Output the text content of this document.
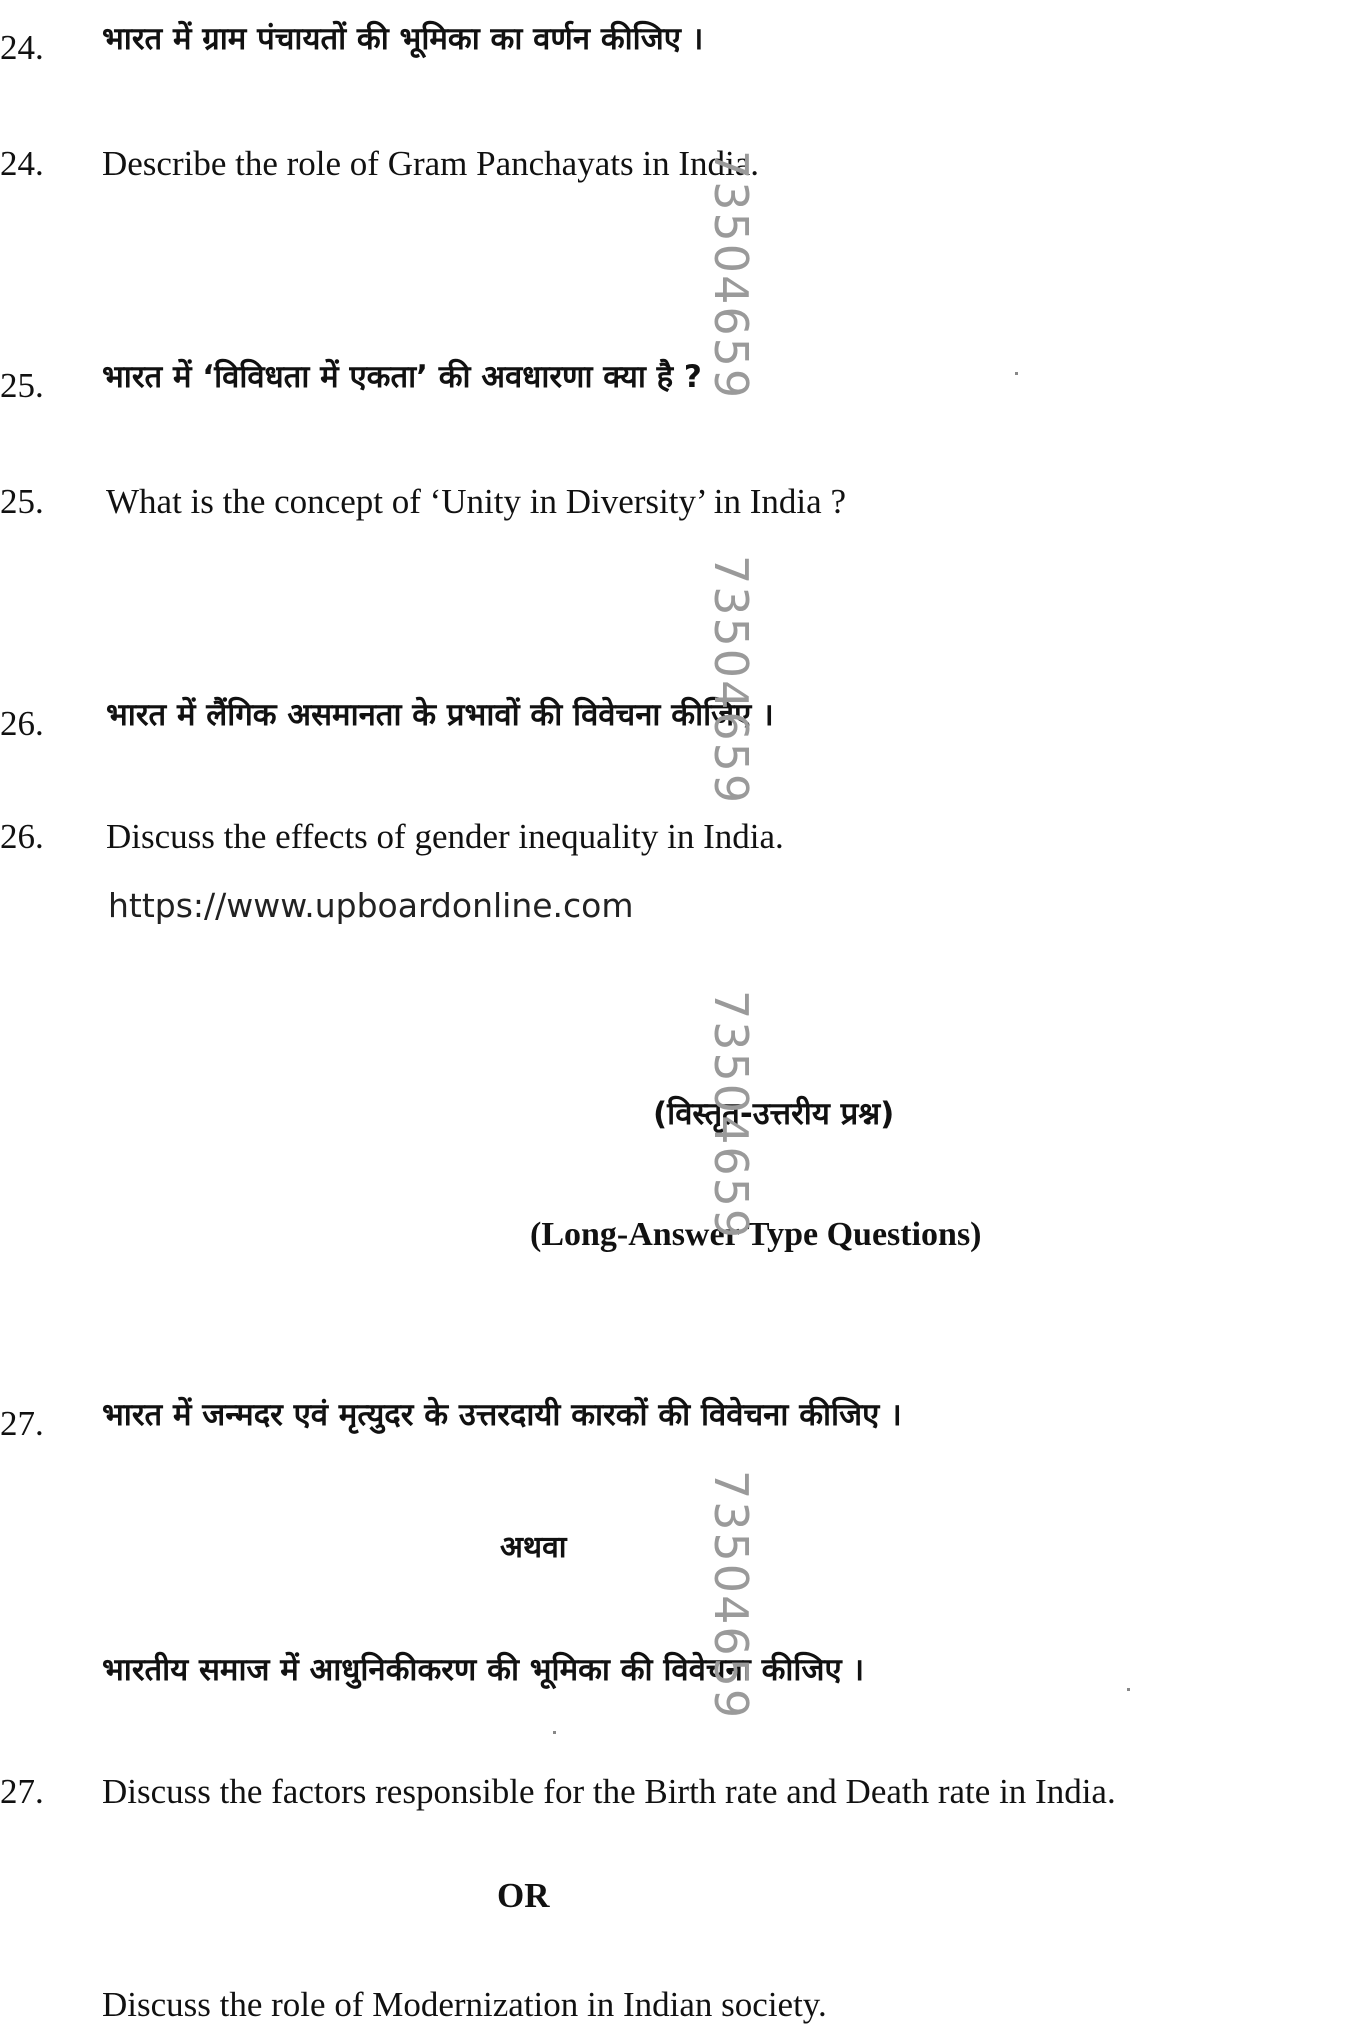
24. भारत में ग्राम पंचायतों की भूमिका का वर्णन कीजिए ।
24. Describe the role of Gram Panchayats in India.
25. भारत में ‘विविधता में एकता’ की अवधारणा क्या है ?
25. What is the concept of ‘Unity in Diversity’ in India ?
26. भारत में लैंगिक असमानता के प्रभावों की विवेचना कीजिए ।
26. Discuss the effects of gender inequality in India.
https://www.upboardonline.com
(विस्तृत-उत्तरीय प्रश्न)
(Long-Answer Type Questions)
27. भारत में जन्मदर एवं मृत्युदर के उत्तरदायी कारकों की विवेचना कीजिए ।
अथवा
भारतीय समाज में आधुनिकीकरण की भूमिका की विवेचना कीजिए ।
27. Discuss the factors responsible for the Birth rate and Death rate in India.
OR
Discuss the role of Modernization in Indian society.
73504659
73504659
73504659
73504659
